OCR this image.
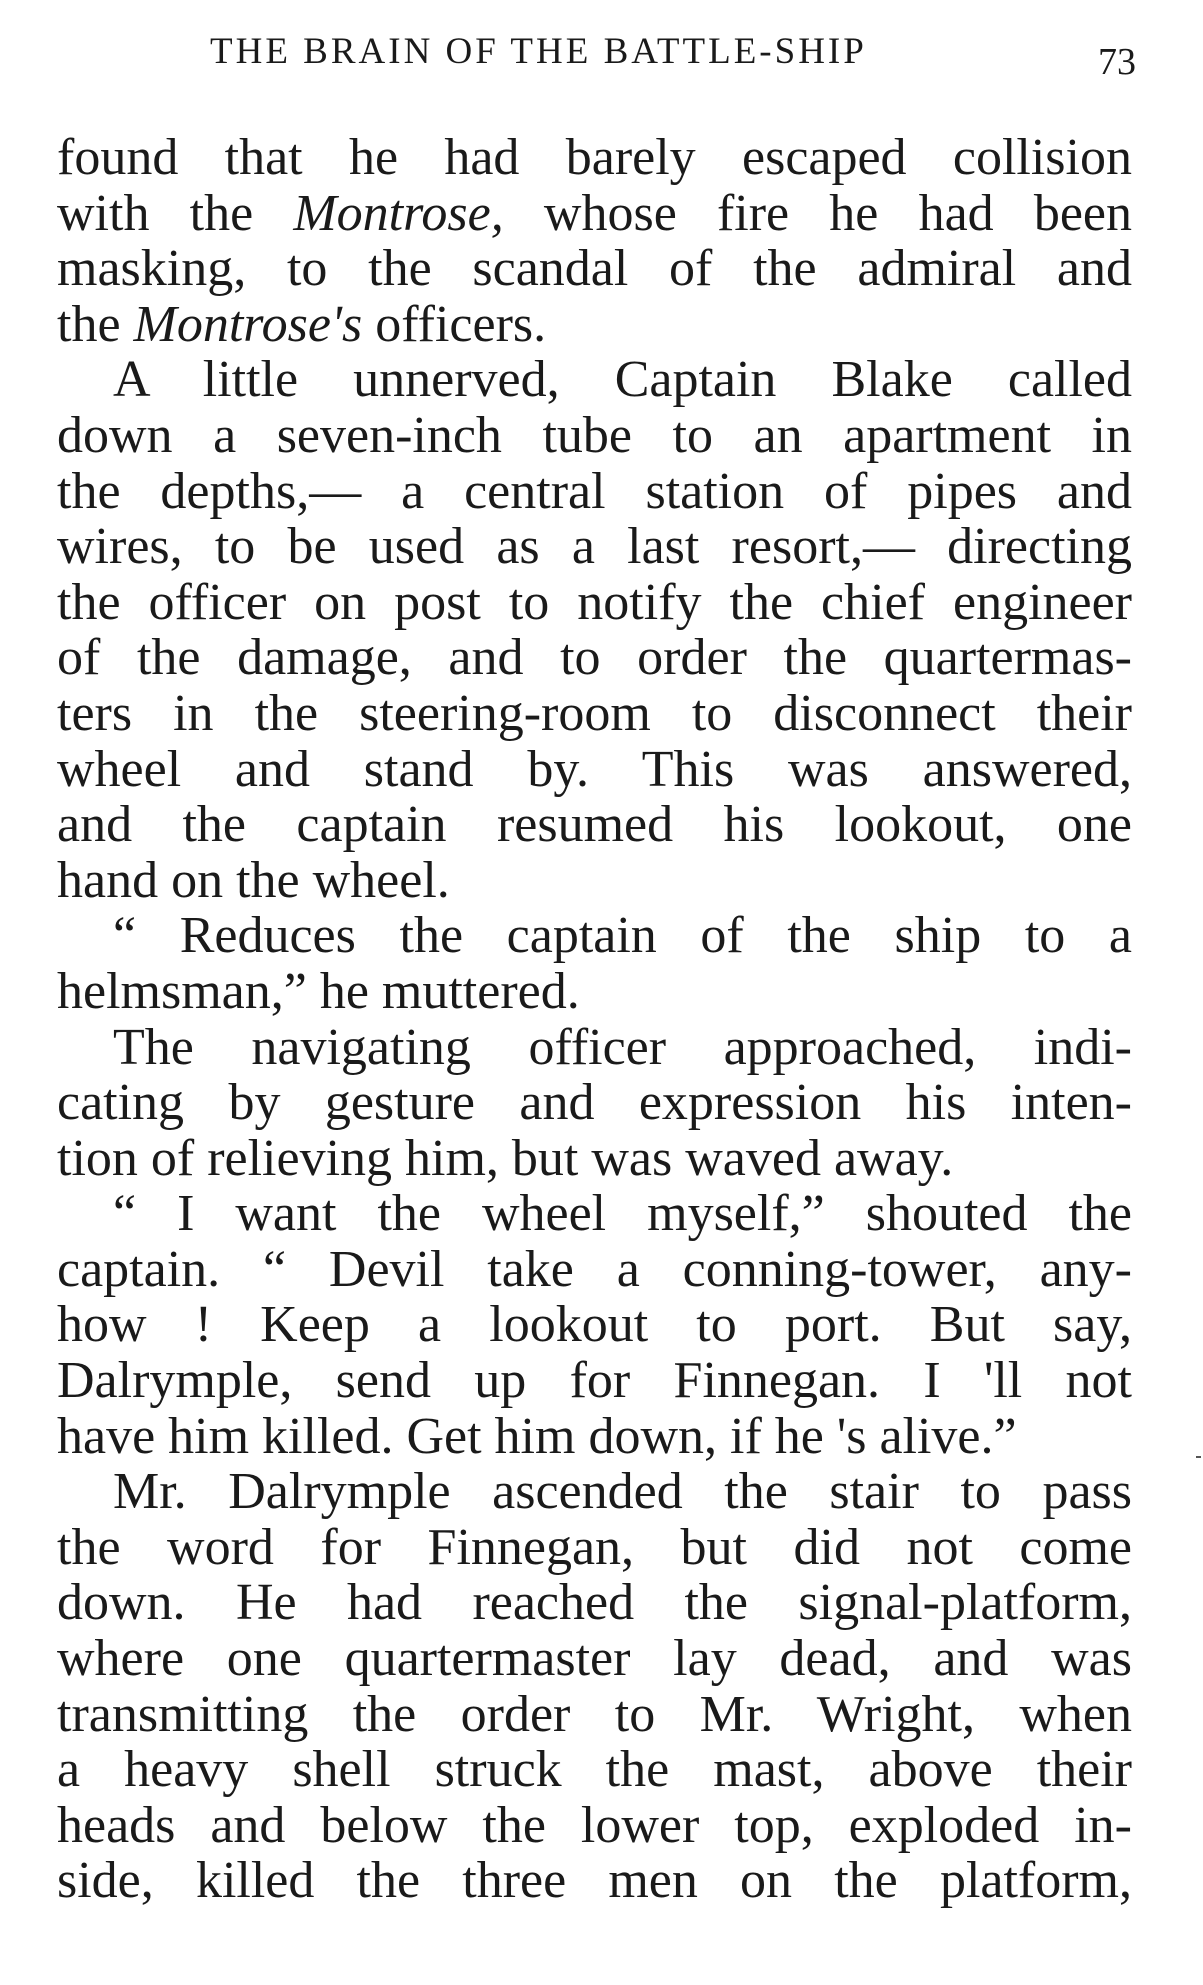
THE BRAIN OF THE BATTLE-SHIP	73
found that he had barely escaped collision
with the Montrose, whose fire he had been
masking, to the scandal of the admiral and
the Montrose's officers.
A little unnerved, Captain Blake called
down a seven-inch tube to an apartment in
the depths,— a central station of pipes and
wires, to be used as a last resort,— directing
the officer on post to notify the chief engineer
of the damage, and to order the quartermas-
ters in the steering-room to disconnect their
wheel and stand by. This was answered,
and the captain resumed his lookout, one
hand on the wheel.
“ Reduces the captain of the ship to a
helmsman,” he muttered.
The navigating officer approached, indi-
cating by gesture and expression his inten-
tion of relieving him, but was waved away.
“ I want the wheel myself,” shouted the
captain. “ Devil take a conning-tower, any-
how ! Keep a lookout to port. But say,
Dalrymple, send up for Finnegan. I 'll not
have him killed. Get him down, if he 's alive.”
Mr. Dalrymple ascended the stair to pass
the word for Finnegan, but did not come
down. He had reached the signal-platform,
where one quartermaster lay dead, and was
transmitting the order to Mr. Wright, when
a heavy shell struck the mast, above their
heads and below the lower top, exploded in-
side, killed the three men on the platform,
